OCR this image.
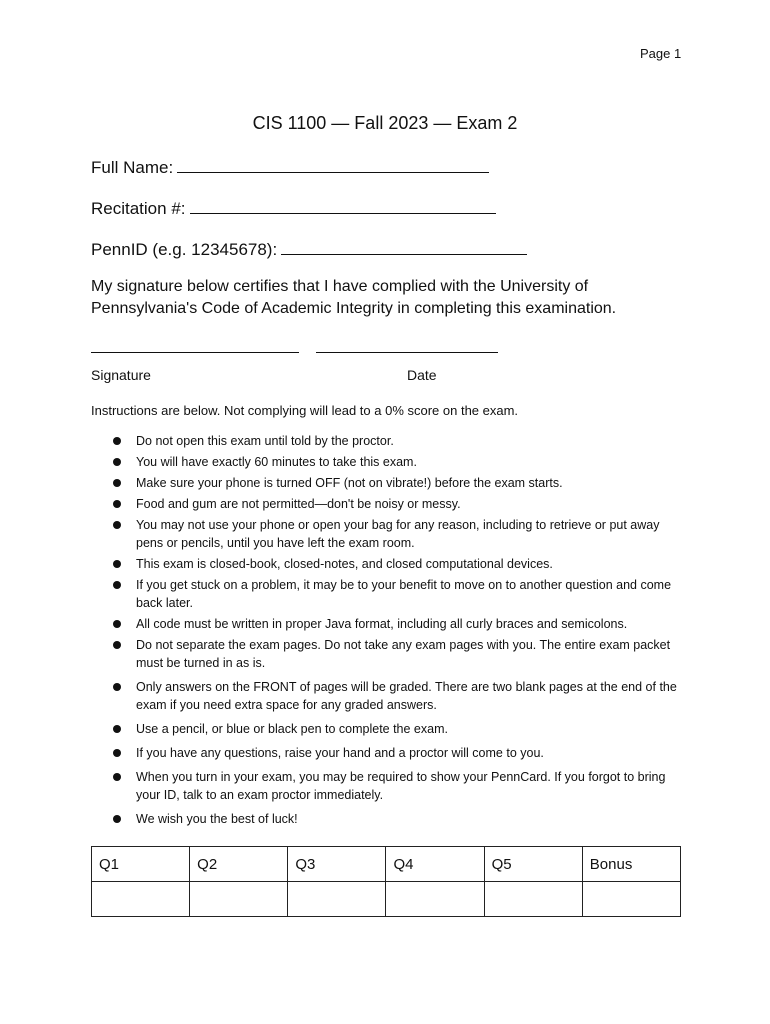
Page 1
CIS 1100 — Fall 2023 — Exam 2
Full Name:
Recitation #:
PennID (e.g. 12345678):
My signature below certifies that I have complied with the University of Pennsylvania's Code of Academic Integrity in completing this examination.
Signature	Date
Instructions are below. Not complying will lead to a 0% score on the exam.
Do not open this exam until told by the proctor.
You will have exactly 60 minutes to take this exam.
Make sure your phone is turned OFF (not on vibrate!) before the exam starts.
Food and gum are not permitted—don't be noisy or messy.
You may not use your phone or open your bag for any reason, including to retrieve or put away pens or pencils, until you have left the exam room.
This exam is closed-book, closed-notes, and closed computational devices.
If you get stuck on a problem, it may be to your benefit to move on to another question and come back later.
All code must be written in proper Java format, including all curly braces and semicolons.
Do not separate the exam pages. Do not take any exam pages with you. The entire exam packet must be turned in as is.
Only answers on the FRONT of pages will be graded. There are two blank pages at the end of the exam if you need extra space for any graded answers.
Use a pencil, or blue or black pen to complete the exam.
If you have any questions, raise your hand and a proctor will come to you.
When you turn in your exam, you may be required to show your PennCard. If you forgot to bring your ID, talk to an exam proctor immediately.
We wish you the best of luck!
Q1	Q2	Q3	Q4	Q5	Bonus
